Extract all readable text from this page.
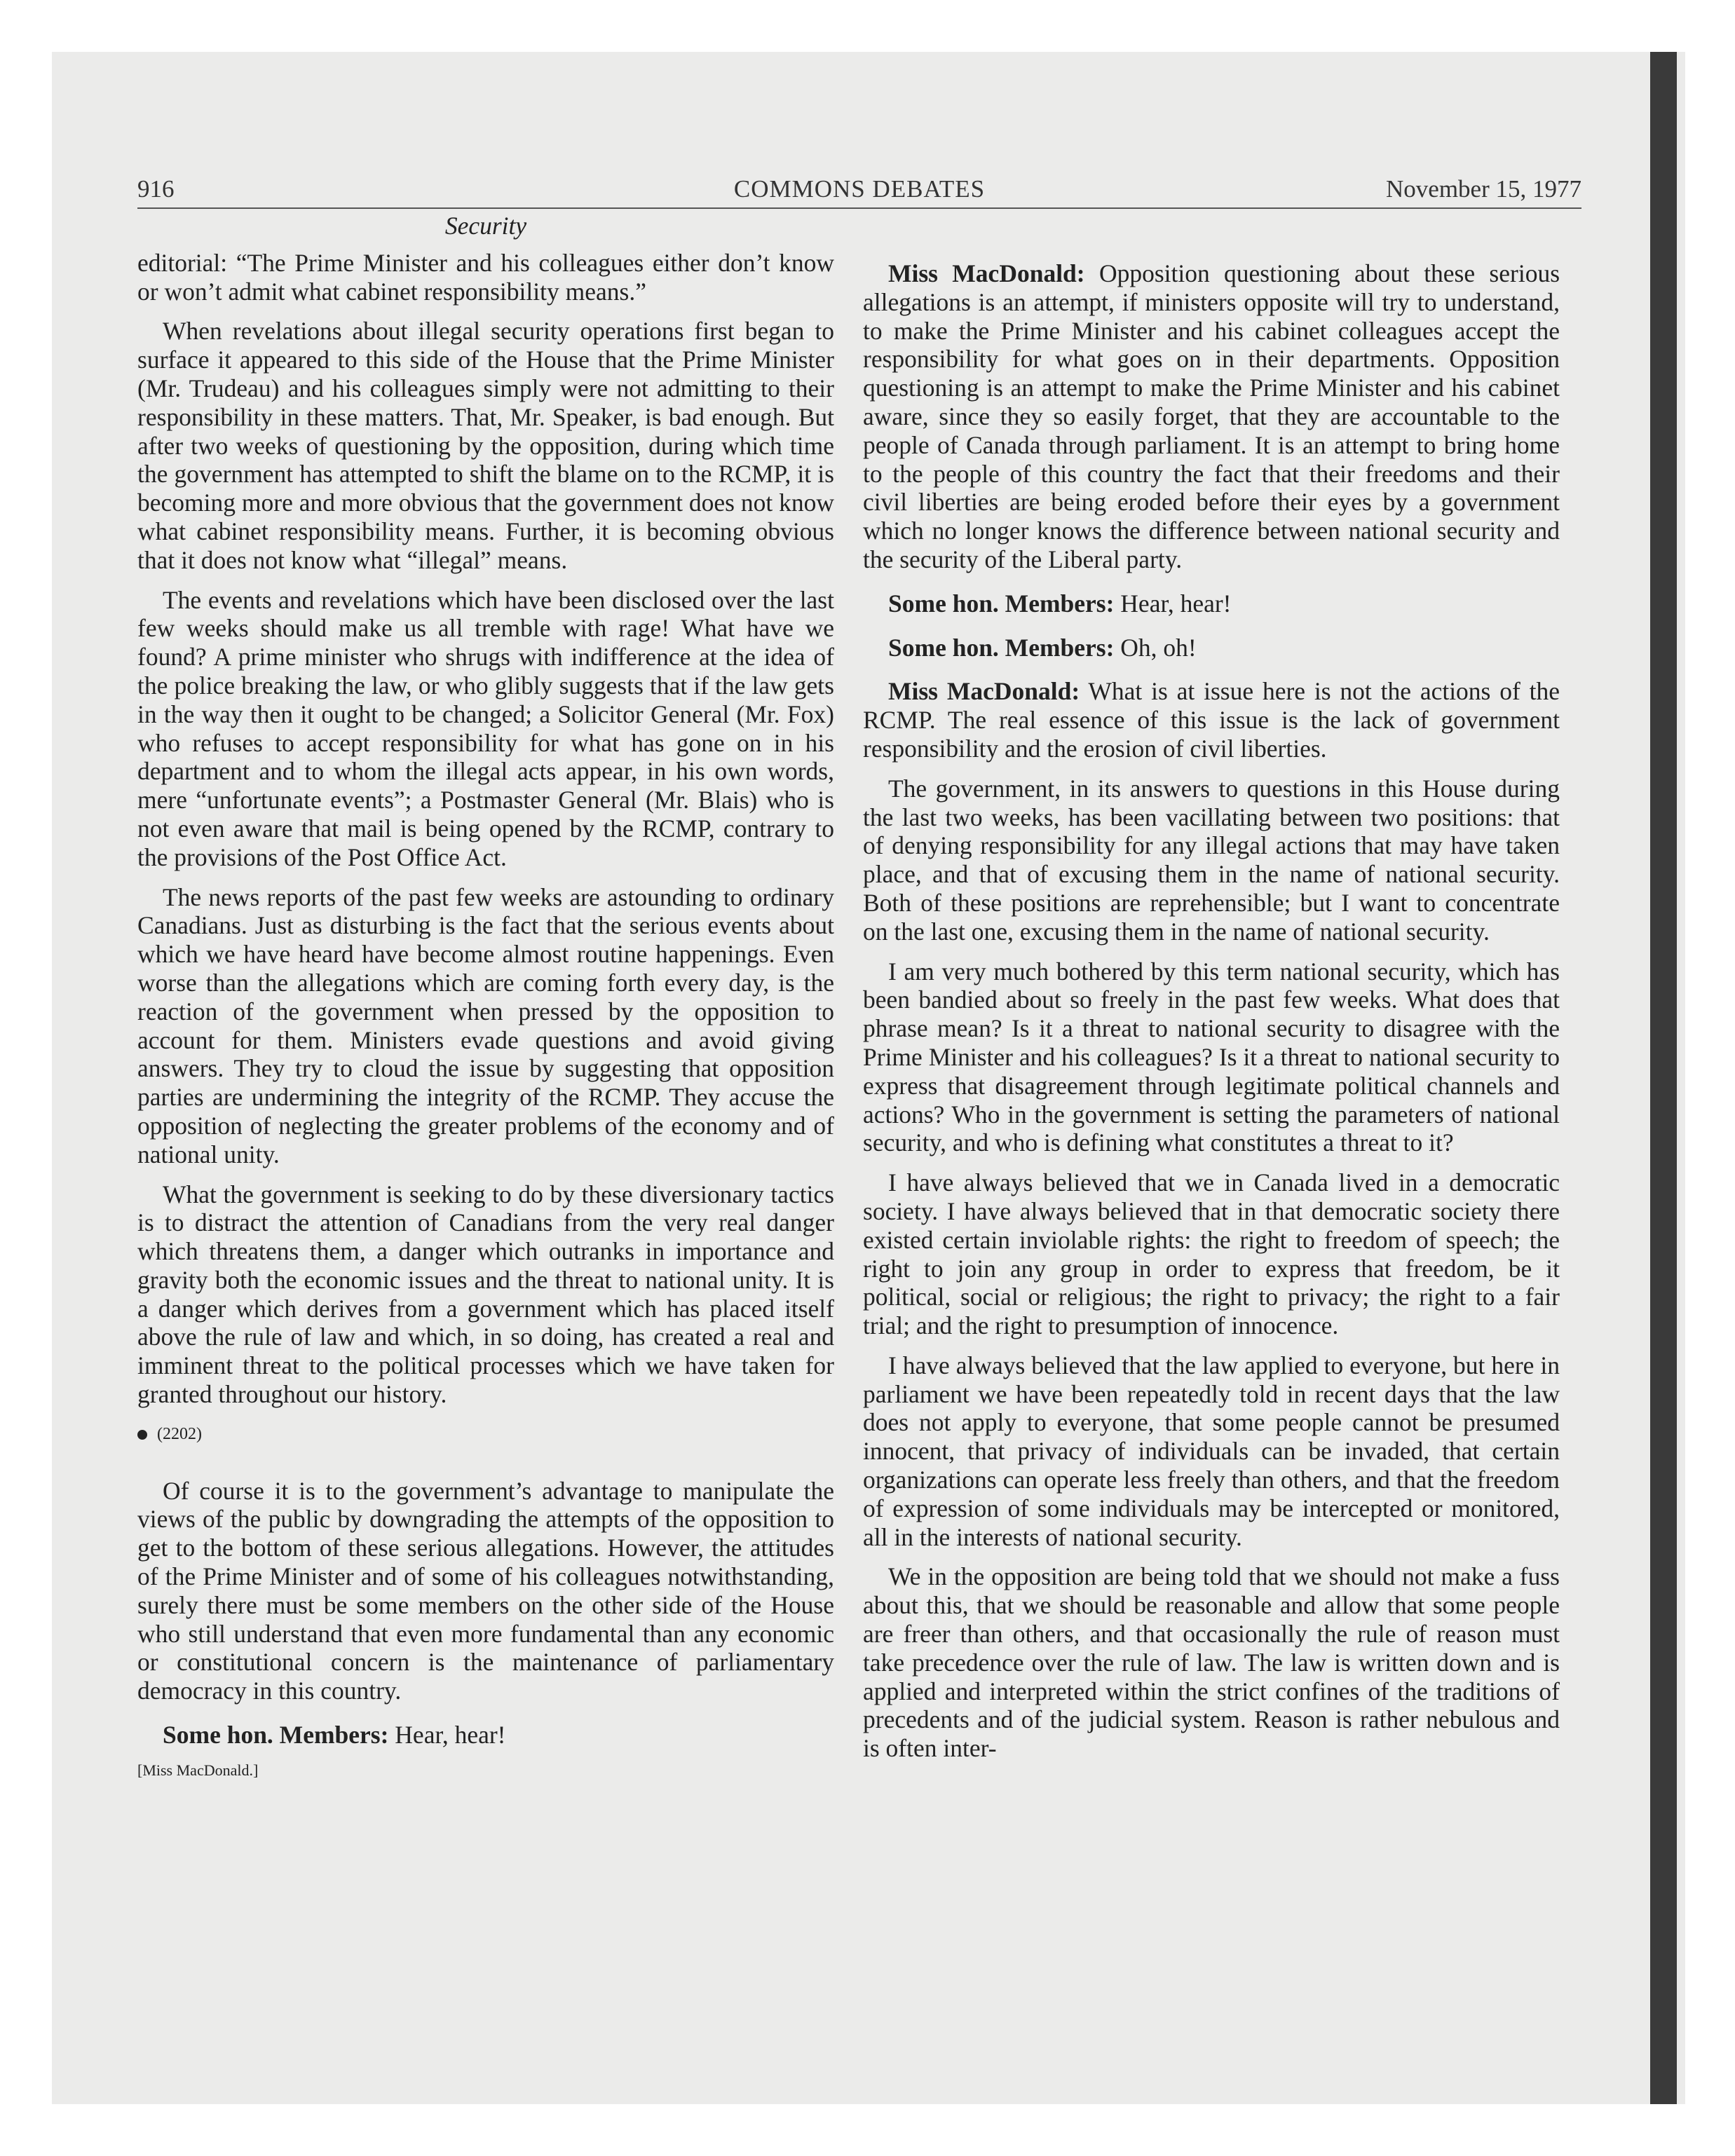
916	COMMONS DEBATES	November 15, 1977
Security

editorial: “The Prime Minister and his colleagues either don’t know or won’t admit what cabinet responsibility means.”

When revelations about illegal security operations first began to surface it appeared to this side of the House that the Prime Minister (Mr. Trudeau) and his colleagues simply were not admitting to their responsibility in these matters. That, Mr. Speaker, is bad enough. But after two weeks of questioning by the opposition, during which time the government has attempted to shift the blame on to the RCMP, it is becoming more and more obvious that the government does not know what cabinet responsibility means. Further, it is becoming obvious that it does not know what “illegal” means.

The events and revelations which have been disclosed over the last few weeks should make us all tremble with rage! What have we found? A prime minister who shrugs with indifference at the idea of the police breaking the law, or who glibly suggests that if the law gets in the way then it ought to be changed; a Solicitor General (Mr. Fox) who refuses to accept responsibility for what has gone on in his department and to whom the illegal acts appear, in his own words, mere “unfortunate events”; a Postmaster General (Mr. Blais) who is not even aware that mail is being opened by the RCMP, contrary to the provisions of the Post Office Act.

The news reports of the past few weeks are astounding to ordinary Canadians. Just as disturbing is the fact that the serious events about which we have heard have become almost routine happenings. Even worse than the allegations which are coming forth every day, is the reaction of the government when pressed by the opposition to account for them. Ministers evade questions and avoid giving answers. They try to cloud the issue by suggesting that opposition parties are undermining the integrity of the RCMP. They accuse the opposition of neglecting the greater problems of the economy and of national unity.

What the government is seeking to do by these diversionary tactics is to distract the attention of Canadians from the very real danger which threatens them, a danger which outranks in importance and gravity both the economic issues and the threat to national unity. It is a danger which derives from a government which has placed itself above the rule of law and which, in so doing, has created a real and imminent threat to the political processes which we have taken for granted throughout our history.

(2202)

Of course it is to the government’s advantage to manipulate the views of the public by downgrading the attempts of the opposition to get to the bottom of these serious allegations. However, the attitudes of the Prime Minister and of some of his colleagues notwithstanding, surely there must be some members on the other side of the House who still understand that even more fundamental than any economic or constitutional concern is the maintenance of parliamentary democracy in this country.

Some hon. Members: Hear, hear!

[Miss MacDonald.]

Miss MacDonald: Opposition questioning about these serious allegations is an attempt, if ministers opposite will try to understand, to make the Prime Minister and his cabinet colleagues accept the responsibility for what goes on in their departments. Opposition questioning is an attempt to make the Prime Minister and his cabinet aware, since they so easily forget, that they are accountable to the people of Canada through parliament. It is an attempt to bring home to the people of this country the fact that their freedoms and their civil liberties are being eroded before their eyes by a government which no longer knows the difference between national security and the security of the Liberal party.

Some hon. Members: Hear, hear!

Some hon. Members: Oh, oh!

Miss MacDonald: What is at issue here is not the actions of the RCMP. The real essence of this issue is the lack of government responsibility and the erosion of civil liberties.

The government, in its answers to questions in this House during the last two weeks, has been vacillating between two positions: that of denying responsibility for any illegal actions that may have taken place, and that of excusing them in the name of national security. Both of these positions are reprehensible; but I want to concentrate on the last one, excusing them in the name of national security.

I am very much bothered by this term national security, which has been bandied about so freely in the past few weeks. What does that phrase mean? Is it a threat to national security to disagree with the Prime Minister and his colleagues? Is it a threat to national security to express that disagreement through legitimate political channels and actions? Who in the government is setting the parameters of national security, and who is defining what constitutes a threat to it?

I have always believed that we in Canada lived in a democratic society. I have always believed that in that democratic society there existed certain inviolable rights: the right to freedom of speech; the right to join any group in order to express that freedom, be it political, social or religious; the right to privacy; the right to a fair trial; and the right to presumption of innocence.

I have always believed that the law applied to everyone, but here in parliament we have been repeatedly told in recent days that the law does not apply to everyone, that some people cannot be presumed innocent, that privacy of individuals can be invaded, that certain organizations can operate less freely than others, and that the freedom of expression of some individuals may be intercepted or monitored, all in the interests of national security.

We in the opposition are being told that we should not make a fuss about this, that we should be reasonable and allow that some people are freer than others, and that occasionally the rule of reason must take precedence over the rule of law. The law is written down and is applied and interpreted within the strict confines of the traditions of precedents and of the judicial system. Reason is rather nebulous and is often inter-
